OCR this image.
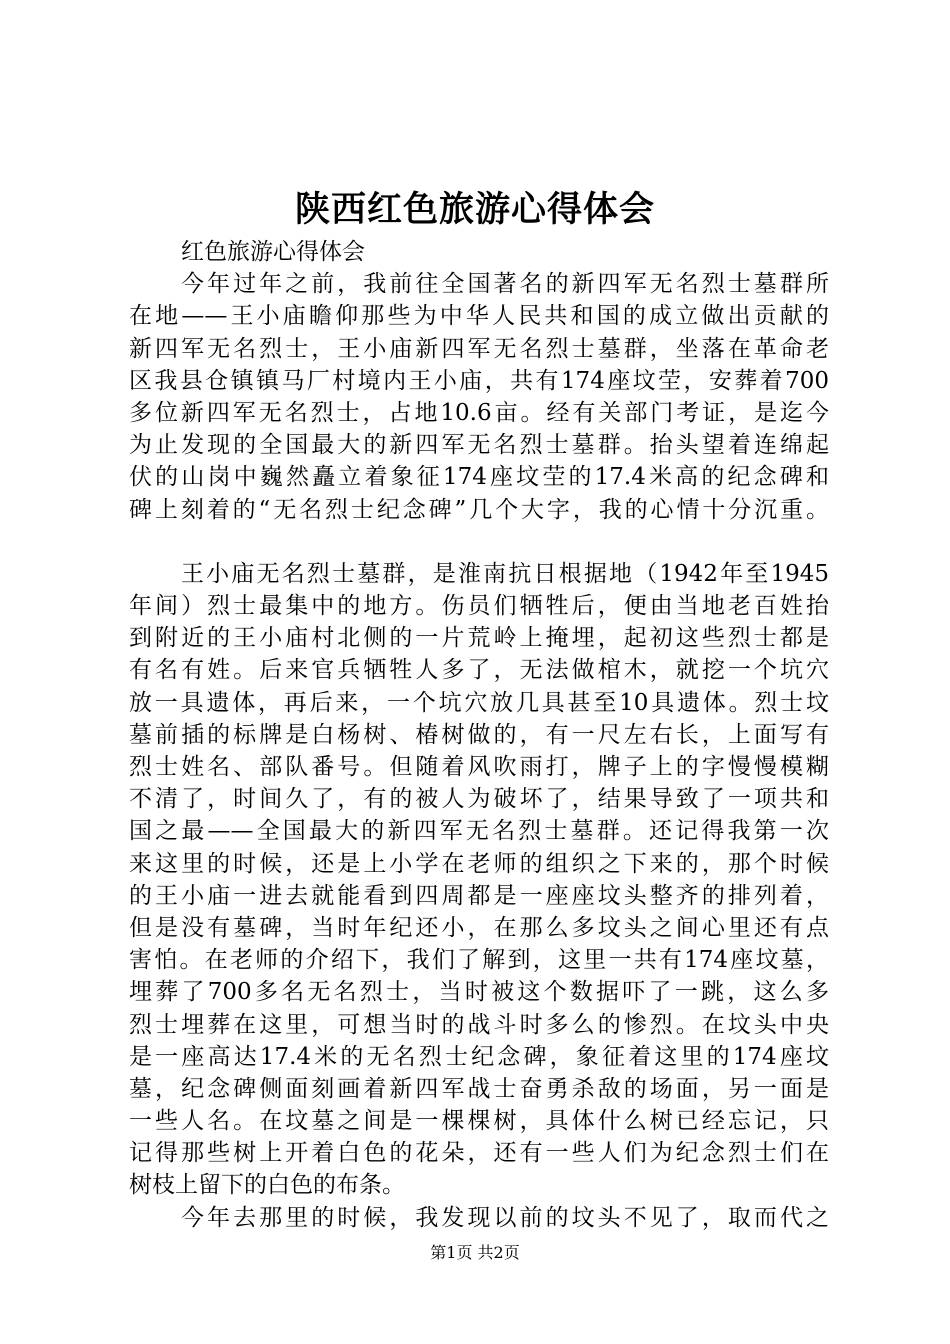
陕西红色旅游心得体会
红色旅游心得体会
今年过年之前，我前往全国著名的新四军无名烈士墓群所
在地——王小庙瞻仰那些为中华人民共和国的成立做出贡献的
新四军无名烈士，王小庙新四军无名烈士墓群，坐落在革命老
区我县仓镇镇马厂村境内王小庙，共有174座坟茔，安葬着700
多位新四军无名烈士，占地10.6亩。经有关部门考证，是迄今
为止发现的全国最大的新四军无名烈士墓群。抬头望着连绵起
伏的山岗中巍然矗立着象征174座坟茔的17.4米高的纪念碑和
碑上刻着的“无名烈士纪念碑”几个大字，我的心情十分沉重。
王小庙无名烈士墓群，是淮南抗日根据地（1942年至1945
年间）烈士最集中的地方。伤员们牺牲后，便由当地老百姓抬
到附近的王小庙村北侧的一片荒岭上掩埋，起初这些烈士都是
有名有姓。后来官兵牺牲人多了，无法做棺木，就挖一个坑穴
放一具遗体，再后来，一个坑穴放几具甚至10具遗体。烈士坟
墓前插的标牌是白杨树、椿树做的，有一尺左右长，上面写有
烈士姓名、部队番号。但随着风吹雨打，牌子上的字慢慢模糊
不清了，时间久了，有的被人为破坏了，结果导致了一项共和
国之最——全国最大的新四军无名烈士墓群。还记得我第一次
来这里的时候，还是上小学在老师的组织之下来的，那个时候
的王小庙一进去就能看到四周都是一座座坟头整齐的排列着，
但是没有墓碑，当时年纪还小，在那么多坟头之间心里还有点
害怕。在老师的介绍下，我们了解到，这里一共有174座坟墓，
埋葬了700多名无名烈士，当时被这个数据吓了一跳，这么多
烈士埋葬在这里，可想当时的战斗时多么的惨烈。在坟头中央
是一座高达17.4米的无名烈士纪念碑，象征着这里的174座坟
墓，纪念碑侧面刻画着新四军战士奋勇杀敌的场面，另一面是
一些人名。在坟墓之间是一棵棵树，具体什么树已经忘记，只
记得那些树上开着白色的花朵，还有一些人们为纪念烈士们在
树枝上留下的白色的布条。
今年去那里的时候，我发现以前的坟头不见了，取而代之
第1页 共2页
